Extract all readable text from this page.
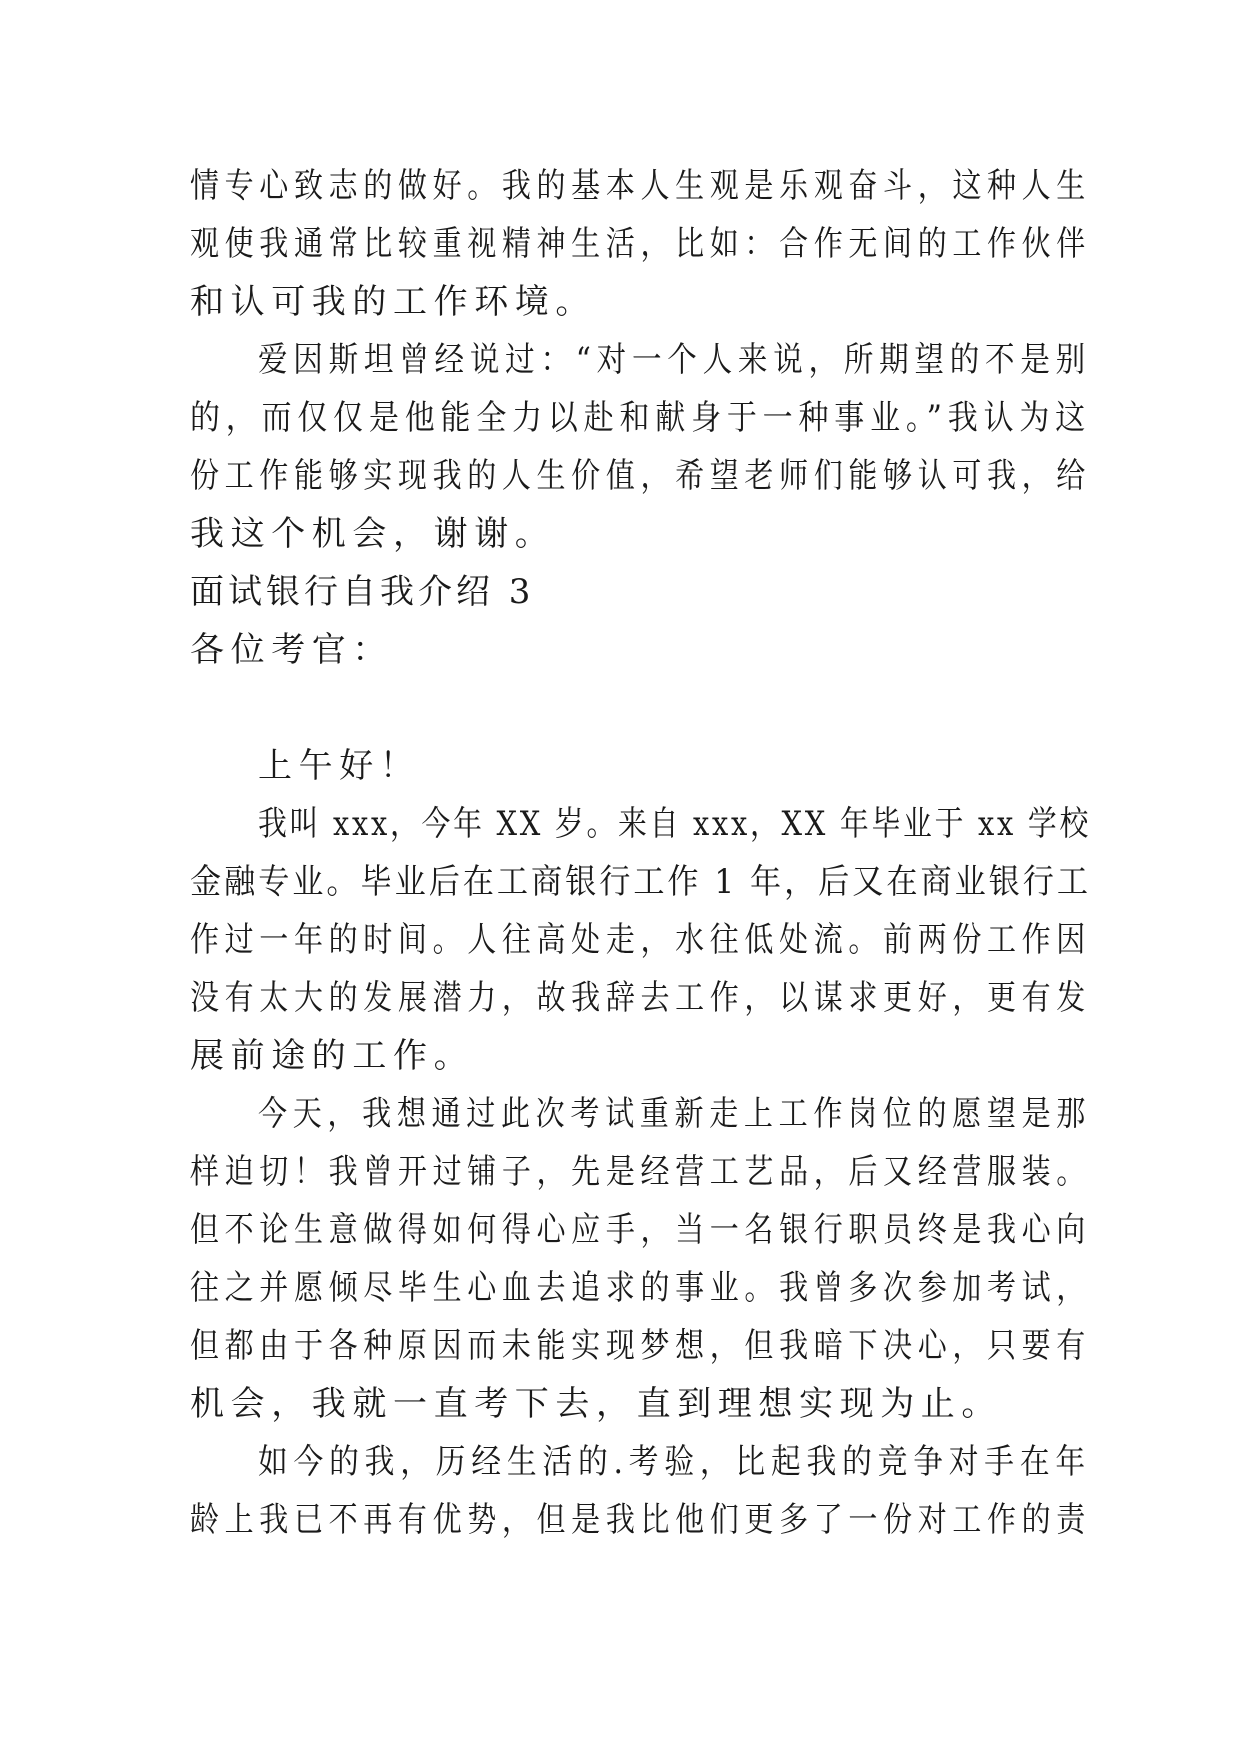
情专心致志的做好。我的基本人生观是乐观奋斗，这种人生

观使我通常比较重视精神生活，比如：合作无间的工作伙伴

和认可我的工作环境。

爱因斯坦曾经说过：“对一个人来说，所期望的不是别

的，而仅仅是他能全力以赴和献身于一种事业。”我认为这

份工作能够实现我的人生价值，希望老师们能够认可我，给

我这个机会，谢谢。

面试银行自我介绍 3

各位考官：

上午好！

我叫 xxx，今年 XX 岁。来自 xxx，XX 年毕业于 xx 学校

金融专业。毕业后在工商银行工作 1 年，后又在商业银行工

作过一年的时间。人往高处走，水往低处流。前两份工作因

没有太大的发展潜力，故我辞去工作，以谋求更好，更有发

展前途的工作。

今天，我想通过此次考试重新走上工作岗位的愿望是那

样迫切！我曾开过铺子，先是经营工艺品，后又经营服装。

但不论生意做得如何得心应手，当一名银行职员终是我心向

往之并愿倾尽毕生心血去追求的事业。我曾多次参加考试，

但都由于各种原因而未能实现梦想，但我暗下决心，只要有

机会，我就一直考下去，直到理想实现为止。

如今的我，历经生活的.考验，比起我的竞争对手在年

龄上我已不再有优势，但是我比他们更多了一份对工作的责
